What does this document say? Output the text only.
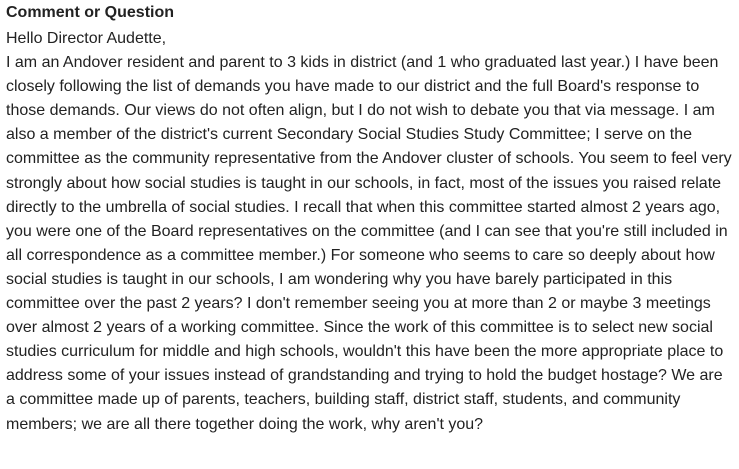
Comment or Question

Hello Director Audette,

I am an Andover resident and parent to 3 kids in district (and 1 who graduated last year.) I have been closely following the list of demands you have made to our district and the full Board's response to those demands. Our views do not often align, but I do not wish to debate you that via message. I am also a member of the district's current Secondary Social Studies Study Committee; I serve on the committee as the community representative from the Andover cluster of schools. You seem to feel very strongly about how social studies is taught in our schools, in fact, most of the issues you raised relate directly to the umbrella of social studies. I recall that when this committee started almost 2 years ago, you were one of the Board representatives on the committee (and I can see that you're still included in all correspondence as a committee member.) For someone who seems to care so deeply about how social studies is taught in our schools, I am wondering why you have barely participated in this committee over the past 2 years? I don't remember seeing you at more than 2 or maybe 3 meetings over almost 2 years of a working committee. Since the work of this committee is to select new social studies curriculum for middle and high schools, wouldn't this have been the more appropriate place to address some of your issues instead of grandstanding and trying to hold the budget hostage? We are a committee made up of parents, teachers, building staff, district staff, students, and community members; we are all there together doing the work, why aren't you?
